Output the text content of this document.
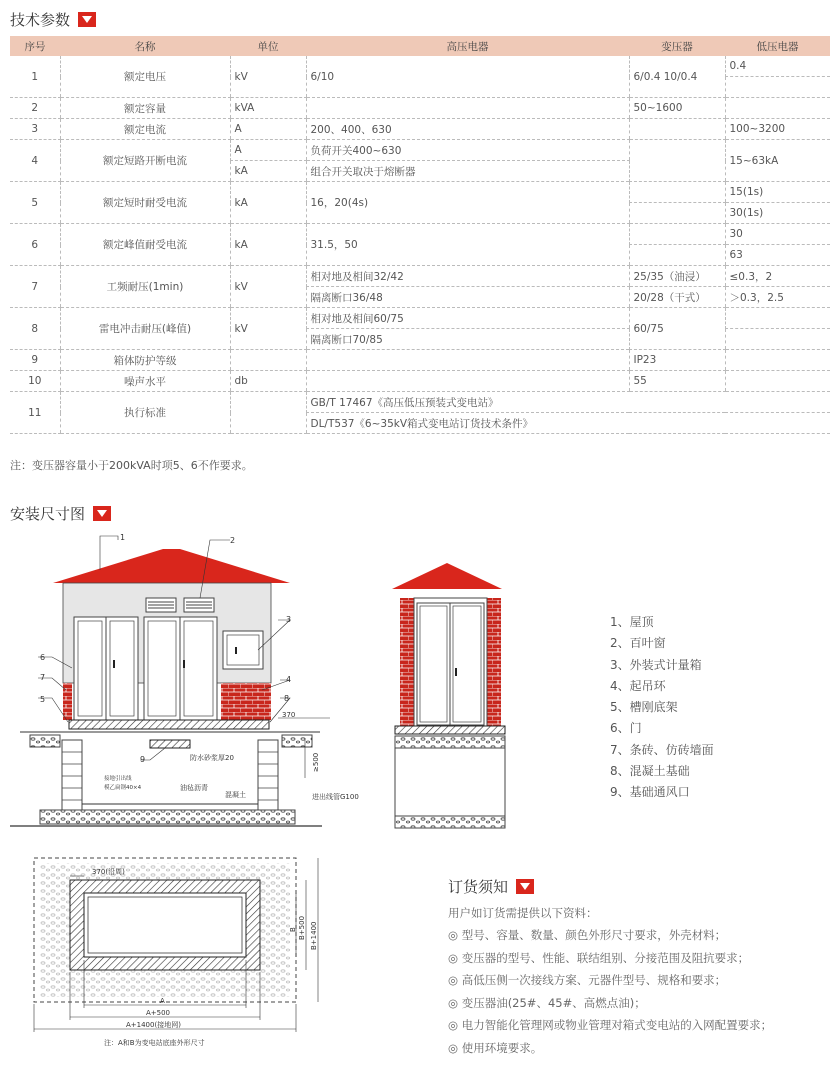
技术参数
序号	名称	单位	高压电器	变压器	低压电器
1	额定电压	kV	6/10	6/0.4 10/0.4	0.4

2	额定容量	kVA		50~1600	
3	额定电流	A	200、400、630		100~3200
4	额定短路开断电流	A	负荷开关400~630		15~63kA
		kA	组合开关取决于熔断器		
5	额定短时耐受电流	kA	16，20(4s)		15(1s)
					30(1s)
6	额定峰值耐受电流	kA	31.5，50		30
					63
7	工频耐压(1min)	kV	相对地及相间32/42	25/35（油浸）	≤0.3，2
			隔离断口36/48	20/28（干式）	＞0.3，2.5
8	雷电冲击耐压(峰值)	kV	相对地及相间60/75	60/75	
			隔离断口70/85		
9	箱体防护等级			IP23	
10	噪声水平	db		55	
11	执行标准		GB/T 17467《高压低压预装式变电站》		
			DL/T537《6~35kV箱式变电站订货技术条件》		
注：变压器容量小于200kVA时项5、6不作要求。
安装尺寸图
1	2
3
4
5
6
7
8
9
370
≥500
防水砂浆厚20
接地引出线
模乙扁钢40×4	油毡沥青
混凝土	进出线管G100
370(沿周)
A
A+500
A+1400(接地网)
B B+500 B+1400
注：A和B为变电站底座外形尺寸
1、屋顶
2、百叶窗
3、外装式计量箱
4、起吊环
5、槽刚底架
6、门
7、条砖、仿砖墙面
8、混凝土基础
9、基础通风口
订货须知
用户如订货需提供以下资料：
◎ 型号、容量、数量、颜色外形尺寸要求，外壳材料；
◎ 变压器的型号、性能、联结组别、分接范围及阻抗要求；
◎ 高低压侧一次接线方案、元器件型号、规格和要求；
◎ 变压器油(25#、45#、高燃点油)；
◎ 电力智能化管理网或物业管理对箱式变电站的入网配置要求；
◎ 使用环境要求。
